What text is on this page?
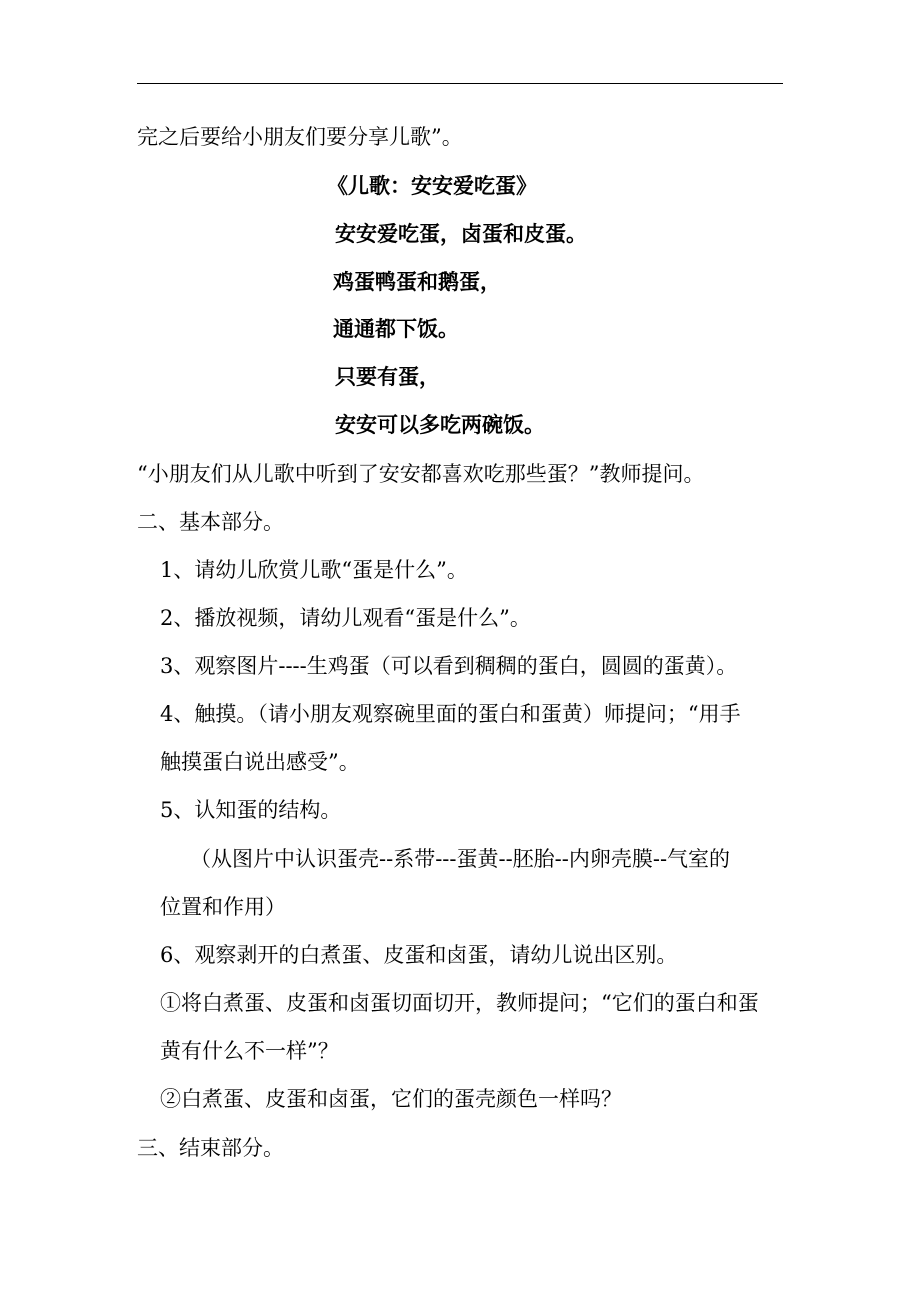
完之后要给小朋友们要分享儿歌”。
《儿歌：安安爱吃蛋》
安安爱吃蛋，卤蛋和皮蛋。
鸡蛋鸭蛋和鹅蛋，
通通都下饭。
只要有蛋，
安安可以多吃两碗饭。
“小朋友们从儿歌中听到了安安都喜欢吃那些蛋？”教师提问。
二、基本部分。
1、请幼儿欣赏儿歌“蛋是什么”。
2、播放视频，请幼儿观看“蛋是什么”。
3、观察图片----生鸡蛋（可以看到稠稠的蛋白，圆圆的蛋黄）。
4、触摸。（请小朋友观察碗里面的蛋白和蛋黄）师提问；“用手
触摸蛋白说出感受”。
5、认知蛋的结构。
（从图片中认识蛋壳--系带---蛋黄--胚胎--内卵壳膜--气室的
位置和作用）
6、观察剥开的白煮蛋、皮蛋和卤蛋，请幼儿说出区别。
①将白煮蛋、皮蛋和卤蛋切面切开，教师提问；“它们的蛋白和蛋
黄有什么不一样”？
②白煮蛋、皮蛋和卤蛋，它们的蛋壳颜色一样吗？
三、结束部分。
